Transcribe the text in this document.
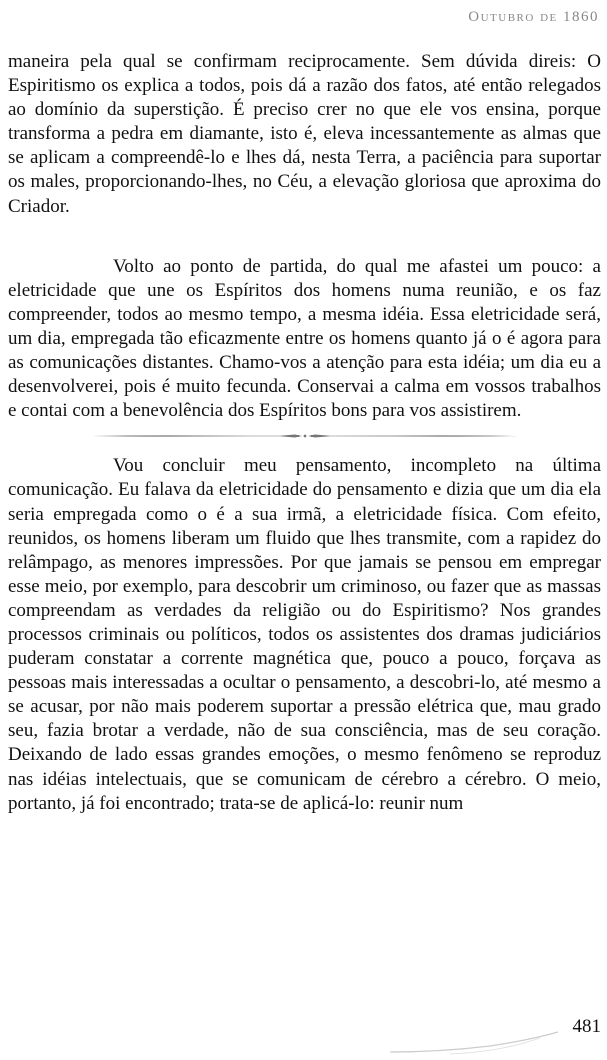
Outubro de 1860

maneira pela qual se confirmam reciprocamente. Sem dúvida direis: O Espiritismo os explica a todos, pois dá a razão dos fatos, até então relegados ao domínio da superstição. É preciso crer no que ele vos ensina, porque transforma a pedra em diamante, isto é, eleva incessantemente as almas que se aplicam a compreendê-lo e lhes dá, nesta Terra, a paciência para suportar os males, proporcionando-lhes, no Céu, a elevação gloriosa que aproxima do Criador.

Volto ao ponto de partida, do qual me afastei um pouco: a eletricidade que une os Espíritos dos homens numa reunião, e os faz compreender, todos ao mesmo tempo, a mesma idéia. Essa eletricidade será, um dia, empregada tão eficazmente entre os homens quanto já o é agora para as comunicações distantes. Chamo-vos a atenção para esta idéia; um dia eu a desenvolverei, pois é muito fecunda. Conservai a calma em vossos trabalhos e contai com a benevolência dos Espíritos bons para vos assistirem.

Vou concluir meu pensamento, incompleto na última comunicação. Eu falava da eletricidade do pensamento e dizia que um dia ela seria empregada como o é a sua irmã, a eletricidade física. Com efeito, reunidos, os homens liberam um fluido que lhes transmite, com a rapidez do relâmpago, as menores impressões. Por que jamais se pensou em empregar esse meio, por exemplo, para descobrir um criminoso, ou fazer que as massas compreendam as verdades da religião ou do Espiritismo? Nos grandes processos criminais ou políticos, todos os assistentes dos dramas judiciários puderam constatar a corrente magnética que, pouco a pouco, forçava as pessoas mais interessadas a ocultar o pensamento, a descobri-lo, até mesmo a se acusar, por não mais poderem suportar a pressão elétrica que, mau grado seu, fazia brotar a verdade, não de sua consciência, mas de seu coração. Deixando de lado essas grandes emoções, o mesmo fenômeno se reproduz nas idéias intelectuais, que se comunicam de cérebro a cérebro. O meio, portanto, já foi encontrado; trata-se de aplicá-lo: reunir num

481
